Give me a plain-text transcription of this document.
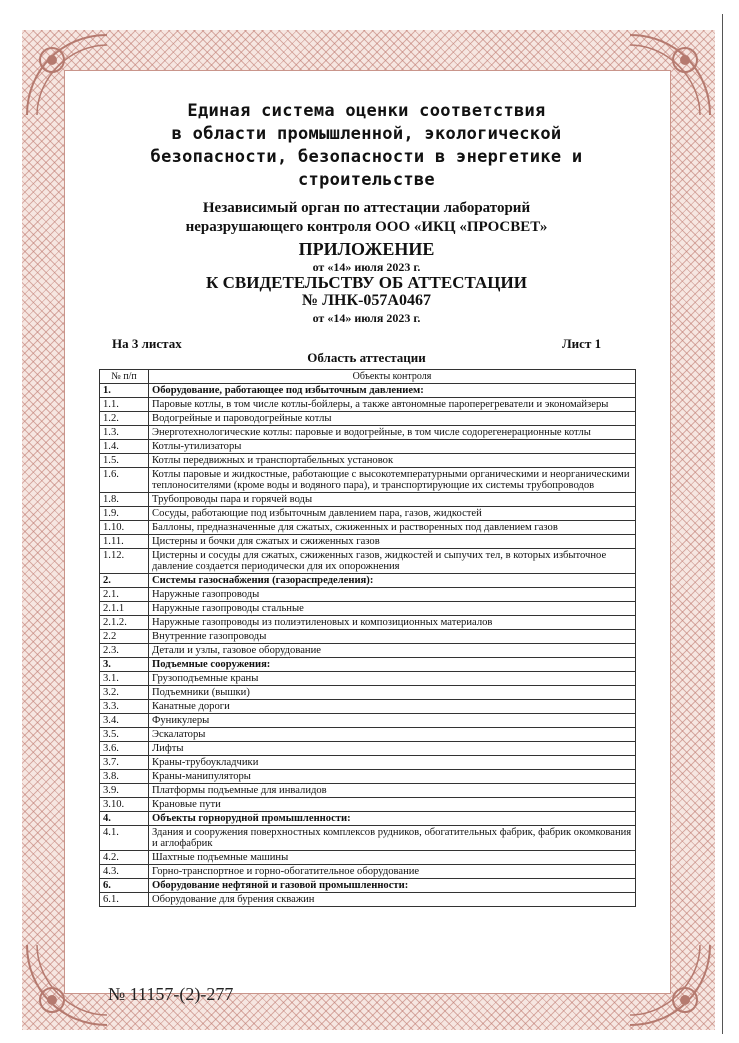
Единая система оценки соответствия
в области промышленной, экологической
безопасности, безопасности в энергетике и
строительстве
Независимый орган по аттестации лабораторий
неразрушающего контроля ООО «ИКЦ «ПРОСВЕТ»
ПРИЛОЖЕНИЕ
от «14» июля 2023 г.
К СВИДЕТЕЛЬСТВУ ОБ АТТЕСТАЦИИ
№ ЛНК-057А0467
от «14» июля 2023 г.
На 3 листах	Лист 1
Область аттестации
№ п/п	Объекты контроля
1.	Оборудование, работающее под избыточным давлением:
1.1.	Паровые котлы, в том числе котлы-бойлеры, а также автономные пароперегреватели и экономайзеры
1.2.	Водогрейные и пароводогрейные котлы
1.3.	Энерготехнологические котлы: паровые и водогрейные, в том числе содорегенерационные котлы
1.4.	Котлы-утилизаторы
1.5.	Котлы передвижных и транспортабельных установок
1.6.	Котлы паровые и жидкостные, работающие с высокотемпературными органическими и неорганическими теплоносителями (кроме воды и водяного пара), и транспортирующие их системы трубопроводов
1.8.	Трубопроводы пара и горячей воды
1.9.	Сосуды, работающие под избыточным давлением пара, газов, жидкостей
1.10.	Баллоны, предназначенные для сжатых, сжиженных и растворенных под давлением газов
1.11.	Цистерны и бочки для сжатых и сжиженных газов
1.12.	Цистерны и сосуды для сжатых, сжиженных газов, жидкостей и сыпучих тел, в которых избыточное давление создается периодически для их опорожнения
2.	Системы газоснабжения (газораспределения):
2.1.	Наружные газопроводы
2.1.1	Наружные газопроводы стальные
2.1.2.	Наружные газопроводы из полиэтиленовых и композиционных материалов
2.2	Внутренние газопроводы
2.3.	Детали и узлы, газовое оборудование
3.	Подъемные сооружения:
3.1.	Грузоподъемные краны
3.2.	Подъемники (вышки)
3.3.	Канатные дороги
3.4.	Фуникулеры
3.5.	Эскалаторы
3.6.	Лифты
3.7.	Краны-трубоукладчики
3.8.	Краны-манипуляторы
3.9.	Платформы подъемные для инвалидов
3.10.	Крановые пути
4.	Объекты горнорудной промышленности:
4.1.	Здания и сооружения поверхностных комплексов рудников, обогатительных фабрик, фабрик окомкования и аглофабрик
4.2.	Шахтные подъемные машины
4.3.	Горно-транспортное и горно-обогатительное оборудование
6.	Оборудование нефтяной и газовой промышленности:
6.1.	Оборудование для бурения скважин
№ 11157-(2)-277
